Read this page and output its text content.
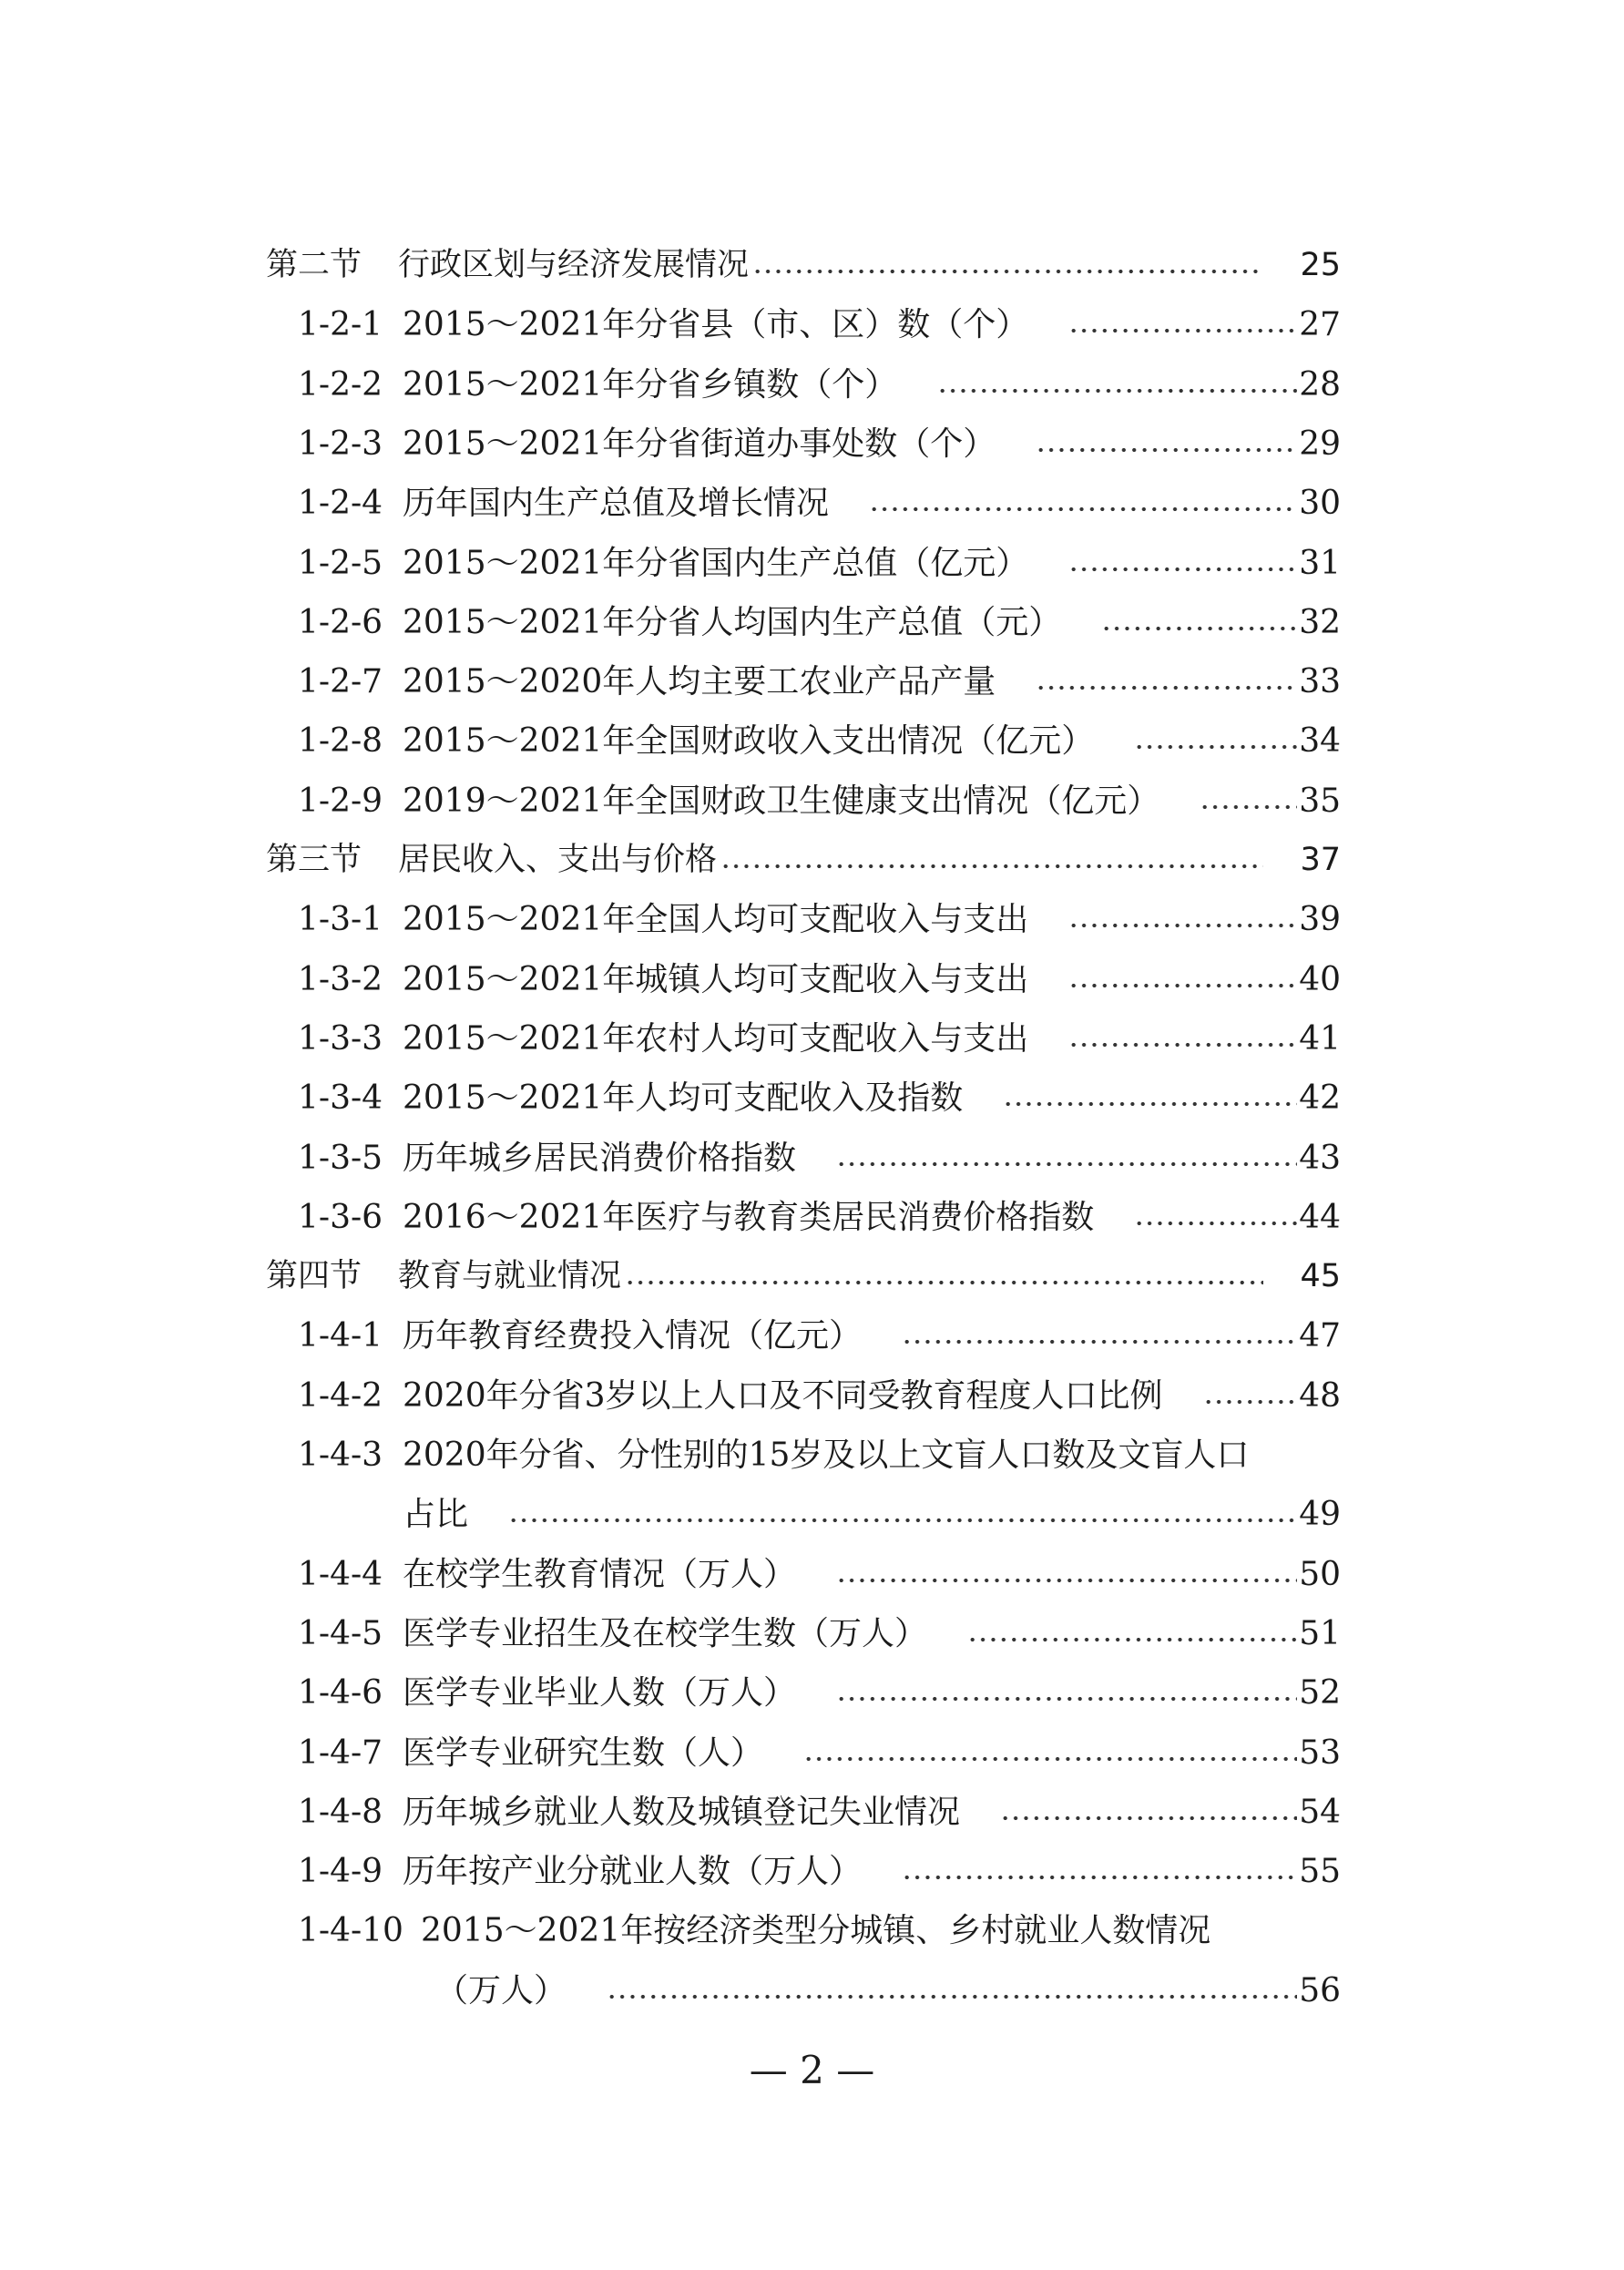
第二节 行政区划与经济发展情况	25
1-2-1 2015～2021年分省县（市、区）数（个）	27
1-2-2 2015～2021年分省乡镇数（个）	28
1-2-3 2015～2021年分省街道办事处数（个）	29
1-2-4 历年国内生产总值及增长情况	30
1-2-5 2015～2021年分省国内生产总值（亿元）	31
1-2-6 2015～2021年分省人均国内生产总值（元）	32
1-2-7 2015～2020年人均主要工农业产品产量	33
1-2-8 2015～2021年全国财政收入支出情况（亿元）	34
1-2-9 2019～2021年全国财政卫生健康支出情况（亿元）	35
第三节 居民收入、支出与价格	37
1-3-1 2015～2021年全国人均可支配收入与支出	39
1-3-2 2015～2021年城镇人均可支配收入与支出	40
1-3-3 2015～2021年农村人均可支配收入与支出	41
1-3-4 2015～2021年人均可支配收入及指数	42
1-3-5 历年城乡居民消费价格指数	43
1-3-6 2016～2021年医疗与教育类居民消费价格指数	44
第四节 教育与就业情况	45
1-4-1 历年教育经费投入情况（亿元）	47
1-4-2 2020年分省3岁以上人口及不同受教育程度人口比例	48
1-4-3 2020年分省、分性别的15岁及以上文盲人口数及文盲人口
占比	49
1-4-4 在校学生教育情况（万人）	50
1-4-5 医学专业招生及在校学生数（万人）	51
1-4-6 医学专业毕业人数（万人）	52
1-4-7 医学专业研究生数（人）	53
1-4-8 历年城乡就业人数及城镇登记失业情况	54
1-4-9 历年按产业分就业人数（万人）	55
1-4-10 2015～2021年按经济类型分城镇、乡村就业人数情况
（万人）	56
— 2 —
